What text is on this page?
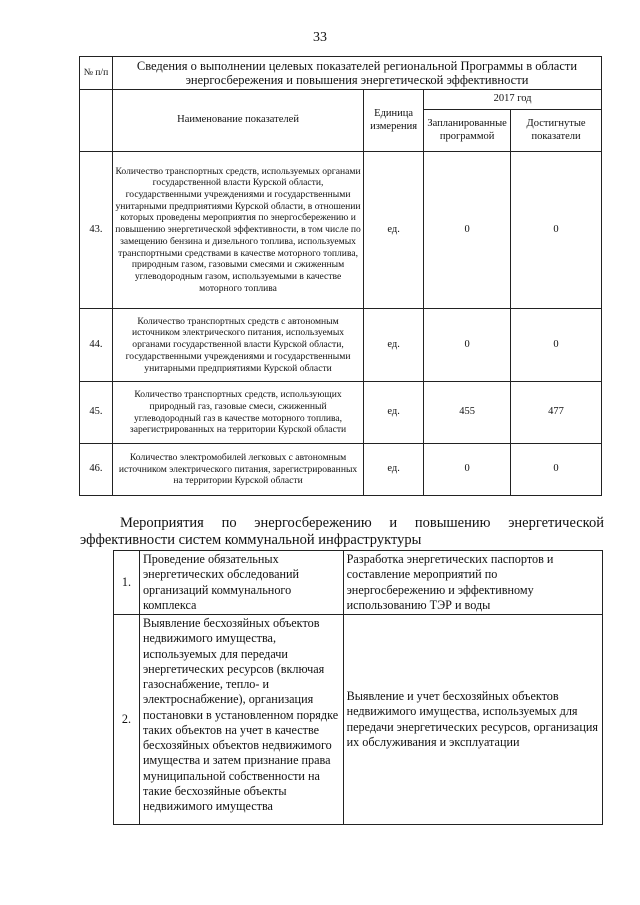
33
№ п/п	Сведения о выполнении целевых показателей региональной Программы в области энергосбережения и повышения энергетической эффективности

	Наименование показателей	Единица измерения	2017 год	
			Запланированные программой	Достигнутые показатели
43.	Количество транспортных средств, используемых органами государственной власти Курской области, государственными учреждениями и государственными унитарными предприятиями Курской области, в отношении которых проведены мероприятия по энергосбережению и повышению энергетической эффективности, в том числе по замещению бензина и дизельного топлива, используемых транспортными средствами в качестве моторного топлива, природным газом, газовыми смесями и сжиженным углеводородным газом, используемыми в качестве моторного топлива	ед.	0	0
44.	Количество транспортных средств с автономным источником электрического питания, используемых органами государственной власти Курской области, государственными учреждениями и государственными унитарными предприятиями Курской области	ед.	0	0
45.	Количество транспортных средств, использующих природный газ, газовые смеси, сжиженный углеводородный газ в качестве моторного топлива, зарегистрированных на территории Курской области	ед.	455	477
46.	Количество электромобилей легковых с автономным источником электрического питания, зарегистрированных на территории Курской области	ед.	0	0
Мероприятия по энергосбережению и повышению энергетической
эффективности систем коммунальной инфраструктуры
1.	Проведение обязательных энергетических обследований организаций коммунального комплекса	Разработка энергетических паспортов и составление мероприятий по энергосбережению и эффективному использованию ТЭР и воды
2.	Выявление бесхозяйных объектов недвижимого имущества, используемых для передачи энергетических ресурсов (включая газоснабжение, тепло- и электроснабжение), организация постановки в установленном порядке таких объектов на учет в качестве бесхозяйных объектов недвижимого имущества и затем признание права муниципальной собственности на такие бесхозяйные объекты недвижимого имущества	Выявление и учет бесхозяйных объектов недвижимого имущества, используемых для передачи энергетических ресурсов, организация их обслуживания и эксплуатации
